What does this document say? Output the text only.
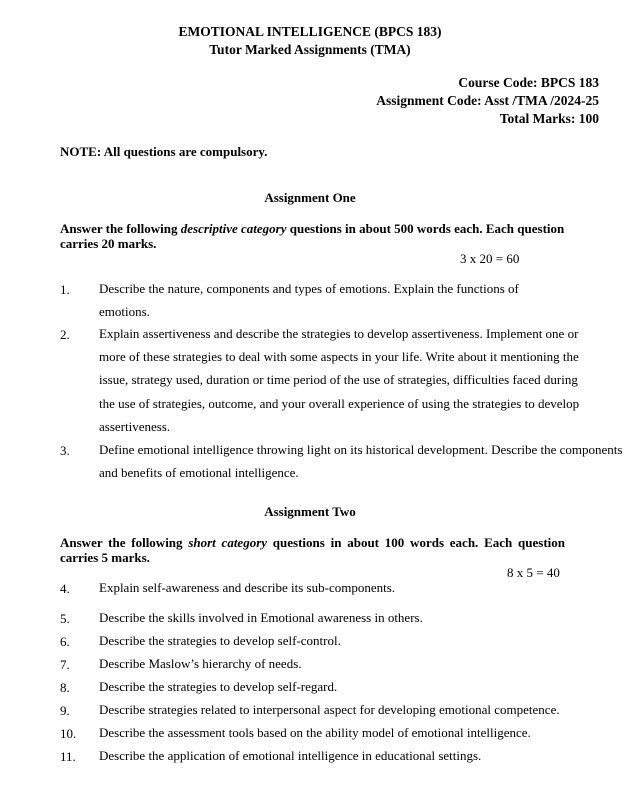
EMOTIONAL INTELLIGENCE (BPCS 183)
Tutor Marked Assignments (TMA)
Course Code: BPCS 183
Assignment Code: Asst /TMA /2024-25
Total Marks: 100
NOTE: All questions are compulsory.
Assignment One
Answer the following descriptive category questions in about 500 words each. Each question carries 20 marks.
3 x 20 = 60
1. Describe the nature, components and types of emotions. Explain the functions of
emotions.
2. Explain assertiveness and describe the strategies to develop assertiveness. Implement one or
more of these strategies to deal with some aspects in your life. Write about it mentioning the
issue, strategy used, duration or time period of the use of strategies, difficulties faced during
the use of strategies, outcome, and your overall experience of using the strategies to develop
assertiveness.
3. Define emotional intelligence throwing light on its historical development. Describe the components
and benefits of emotional intelligence.
Assignment Two
Answer the following short category questions in about 100 words each. Each question carries 5 marks.
8 x 5 = 40
4. Explain self-awareness and describe its sub-components.
5. Describe the skills involved in Emotional awareness in others.
6. Describe the strategies to develop self-control.
7. Describe Maslow’s hierarchy of needs.
8. Describe the strategies to develop self-regard.
9. Describe strategies related to interpersonal aspect for developing emotional competence.
10. Describe the assessment tools based on the ability model of emotional intelligence.
11. Describe the application of emotional intelligence in educational settings.
